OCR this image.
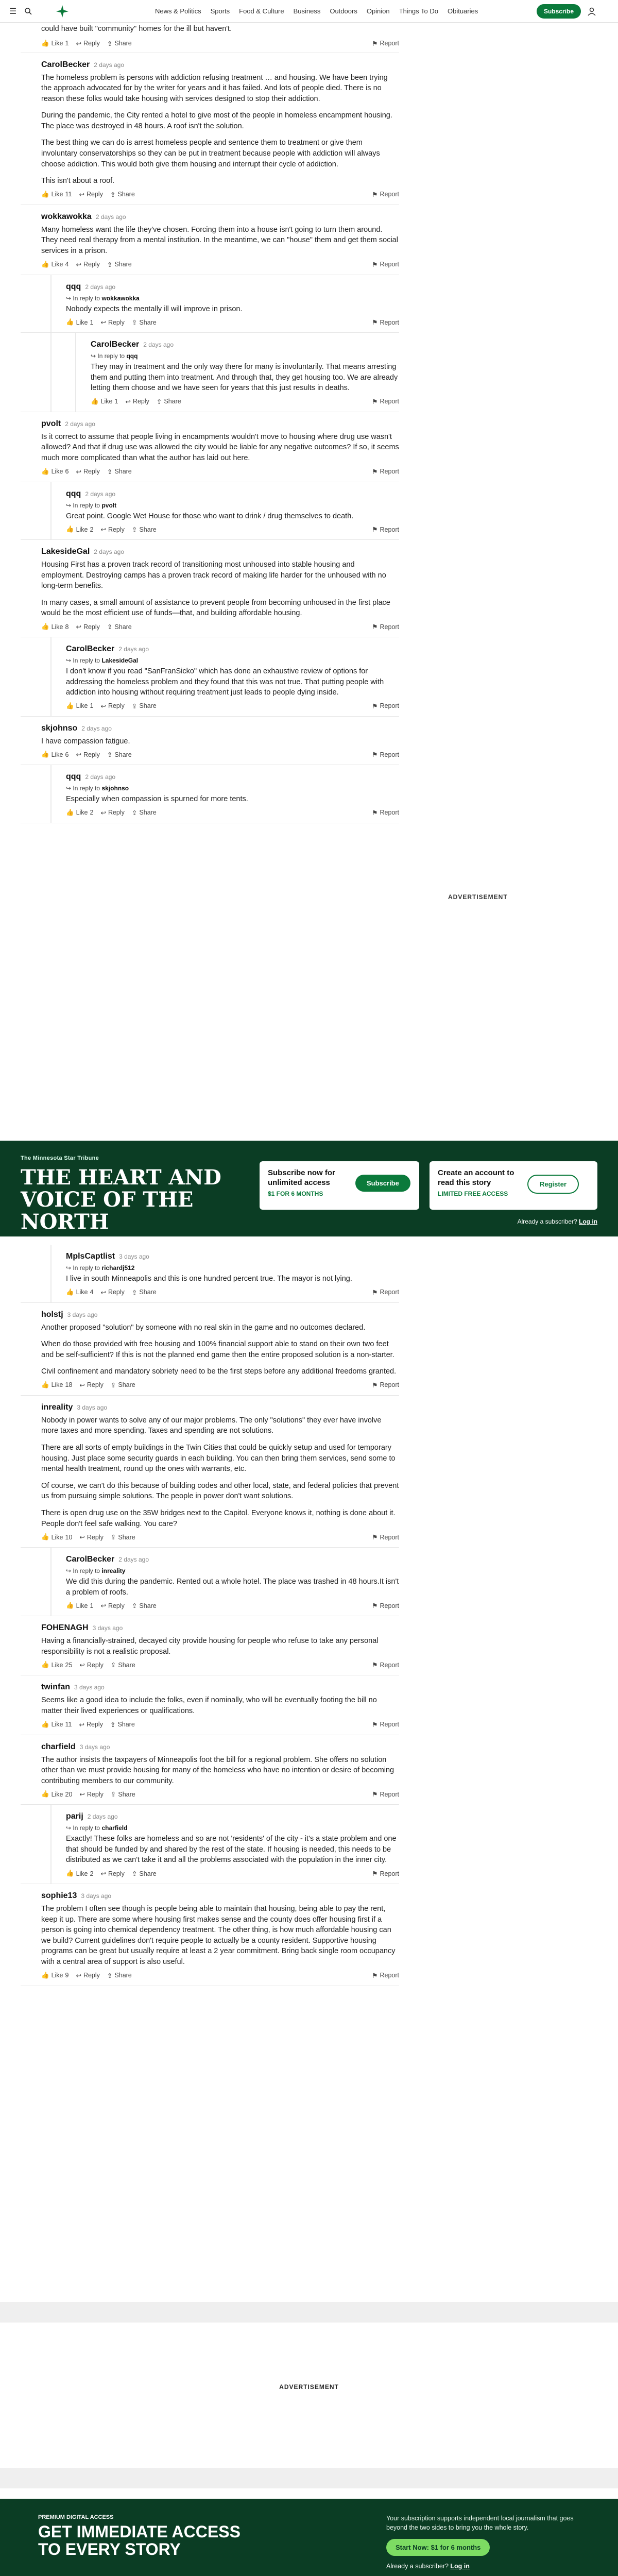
☰	News & Politics	Sports	Food & Culture	Business	Outdoors	Opinion	Things To Do	Obituaries	Subscribe

could have built "community" homes for the ill but haven't.

👍 Like 1 ↩ Reply ⇪ Share	⚑ Report
CarolBecker 2 days ago

The homeless problem is persons with addiction refusing treatment … and housing. We have been trying the approach advocated for by the writer for years and it has failed. And lots of people died. There is no reason these folks would take housing with services designed to stop their addiction.

During the pandemic, the City rented a hotel to give most of the people in homeless encampment housing. The place was destroyed in 48 hours. A roof isn't the solution.

The best thing we can do is arrest homeless people and sentence them to treatment or give them involuntary conservatorships so they can be put in treatment because people with addiction will always choose addiction. This would both give them housing and interrupt their cycle of addiction.

This isn't about a roof.

👍 Like 11 ↩ Reply ⇪ Share	⚑ Report
wokkawokka 2 days ago

Many homeless want the life they've chosen. Forcing them into a house isn't going to turn them around. They need real therapy from a mental institution. In the meantime, we can "house" them and get them social services in a prison.

👍 Like 4 ↩ Reply ⇪ Share	⚑ Report
qqq 2 days ago
↪ In reply to wokkawokka

Nobody expects the mentally ill will improve in prison.

👍 Like 1 ↩ Reply ⇪ Share	⚑ Report
CarolBecker 2 days ago
↪ In reply to qqq

They may in treatment and the only way there for many is involuntarily. That means arresting them and putting them into treatment. And through that, they get housing too. We are already letting them choose and we have seen for years that this just results in deaths.

👍 Like 1 ↩ Reply ⇪ Share	⚑ Report
pvolt 2 days ago

Is it correct to assume that people living in encampments wouldn't move to housing where drug use wasn't allowed? And that if drug use was allowed the city would be liable for any negative outcomes? If so, it seems much more complicated than what the author has laid out here.

👍 Like 6 ↩ Reply ⇪ Share	⚑ Report
qqq 2 days ago
↪ In reply to pvolt

Great point. Google Wet House for those who want to drink / drug themselves to death.

👍 Like 2 ↩ Reply ⇪ Share	⚑ Report
LakesideGal 2 days ago

Housing First has a proven track record of transitioning most unhoused into stable housing and employment. Destroying camps has a proven track record of making life harder for the unhoused with no long-term benefits.

In many cases, a small amount of assistance to prevent people from becoming unhoused in the first place would be the most efficient use of funds—that, and building affordable housing.

👍 Like 8 ↩ Reply ⇪ Share	⚑ Report
CarolBecker 2 days ago
↪ In reply to LakesideGal

I don't know if you read "SanFranSicko" which has done an exhaustive review of options for addressing the homeless problem and they found that this was not true. That putting people with addiction into housing without requiring treatment just leads to people dying inside.

👍 Like 1 ↩ Reply ⇪ Share	⚑ Report
skjohnso 2 days ago

I have compassion fatigue.

👍 Like 6 ↩ Reply ⇪ Share	⚑ Report
qqq 2 days ago
↪ In reply to skjohnso

Especially when compassion is spurned for more tents.

👍 Like 2 ↩ Reply ⇪ Share	⚑ Report
ADVERTISEMENT
The Minnesota Star Tribune
THE HEART AND VOICE OF THE NORTH
Subscribe now for unlimited access
$1 FOR 6 MONTHS
Subscribe
Create an account to read this story
LIMITED FREE ACCESS
Register
Already a subscriber? Log in
MplsCaptlist 3 days ago
↪ In reply to richardj512

I live in south Minneapolis and this is one hundred percent true. The mayor is not lying.

👍 Like 4 ↩ Reply ⇪ Share	⚑ Report
holstj 3 days ago

Another proposed "solution" by someone with no real skin in the game and no outcomes declared.

When do those provided with free housing and 100% financial support able to stand on their own two feet and be self-sufficient? If this is not the planned end game then the entire proposed solution is a non-starter.

Civil confinement and mandatory sobriety need to be the first steps before any additional freedoms granted.

👍 Like 18 ↩ Reply ⇪ Share	⚑ Report
inreality 3 days ago

Nobody in power wants to solve any of our major problems. The only "solutions" they ever have involve more taxes and more spending. Taxes and spending are not solutions.

There are all sorts of empty buildings in the Twin Cities that could be quickly setup and used for temporary housing. Just place some security guards in each building. You can then bring them services, send some to mental health treatment, round up the ones with warrants, etc.

Of course, we can't do this because of building codes and other local, state, and federal policies that prevent us from pursuing simple solutions. The people in power don't want solutions.

There is open drug use on the 35W bridges next to the Capitol. Everyone knows it, nothing is done about it. People don't feel safe walking. You care?

👍 Like 10 ↩ Reply ⇪ Share	⚑ Report
CarolBecker 2 days ago
↪ In reply to inreality

We did this during the pandemic. Rented out a whole hotel. The place was trashed in 48 hours.It isn't a problem of roofs.

👍 Like 1 ↩ Reply ⇪ Share	⚑ Report
FOHENAGH 3 days ago

Having a financially-strained, decayed city provide housing for people who refuse to take any personal responsibility is not a realistic proposal.

👍 Like 25 ↩ Reply ⇪ Share	⚑ Report
twinfan 3 days ago

Seems like a good idea to include the folks, even if nominally, who will be eventually footing the bill no matter their lived experiences or qualifications.

👍 Like 11 ↩ Reply ⇪ Share	⚑ Report
charfield 3 days ago

The author insists the taxpayers of Minneapolis foot the bill for a regional problem. She offers no solution other than we must provide housing for many of the homeless who have no intention or desire of becoming contributing members to our community.

👍 Like 20 ↩ Reply ⇪ Share	⚑ Report
parij 2 days ago
↪ In reply to charfield

Exactly! These folks are homeless and so are not 'residents' of the city - it's a state problem and one that should be funded by and shared by the rest of the state. If housing is needed, this needs to be distributed as we can't take it and all the problems associated with the population in the inner city.

👍 Like 2 ↩ Reply ⇪ Share	⚑ Report
sophie13 3 days ago

The problem I often see though is people being able to maintain that housing, being able to pay the rent, keep it up. There are some where housing first makes sense and the county does offer housing first if a person is going into chemical dependency treatment. The other thing, is how much affordable housing can we build? Current guidelines don't require people to actually be a county resident. Supportive housing programs can be great but usually require at least a 2 year commitment. Bring back single room occupancy with a central area of support is also useful.

👍 Like 9 ↩ Reply ⇪ Share	⚑ Report
ADVERTISEMENT
PREMIUM DIGITAL ACCESS
GET IMMEDIATE ACCESS TO EVERY STORY
Your subscription supports independent local journalism that goes beyond the two sides to bring you the whole story.
Start Now: $1 for 6 months
Already a subscriber? Log in
